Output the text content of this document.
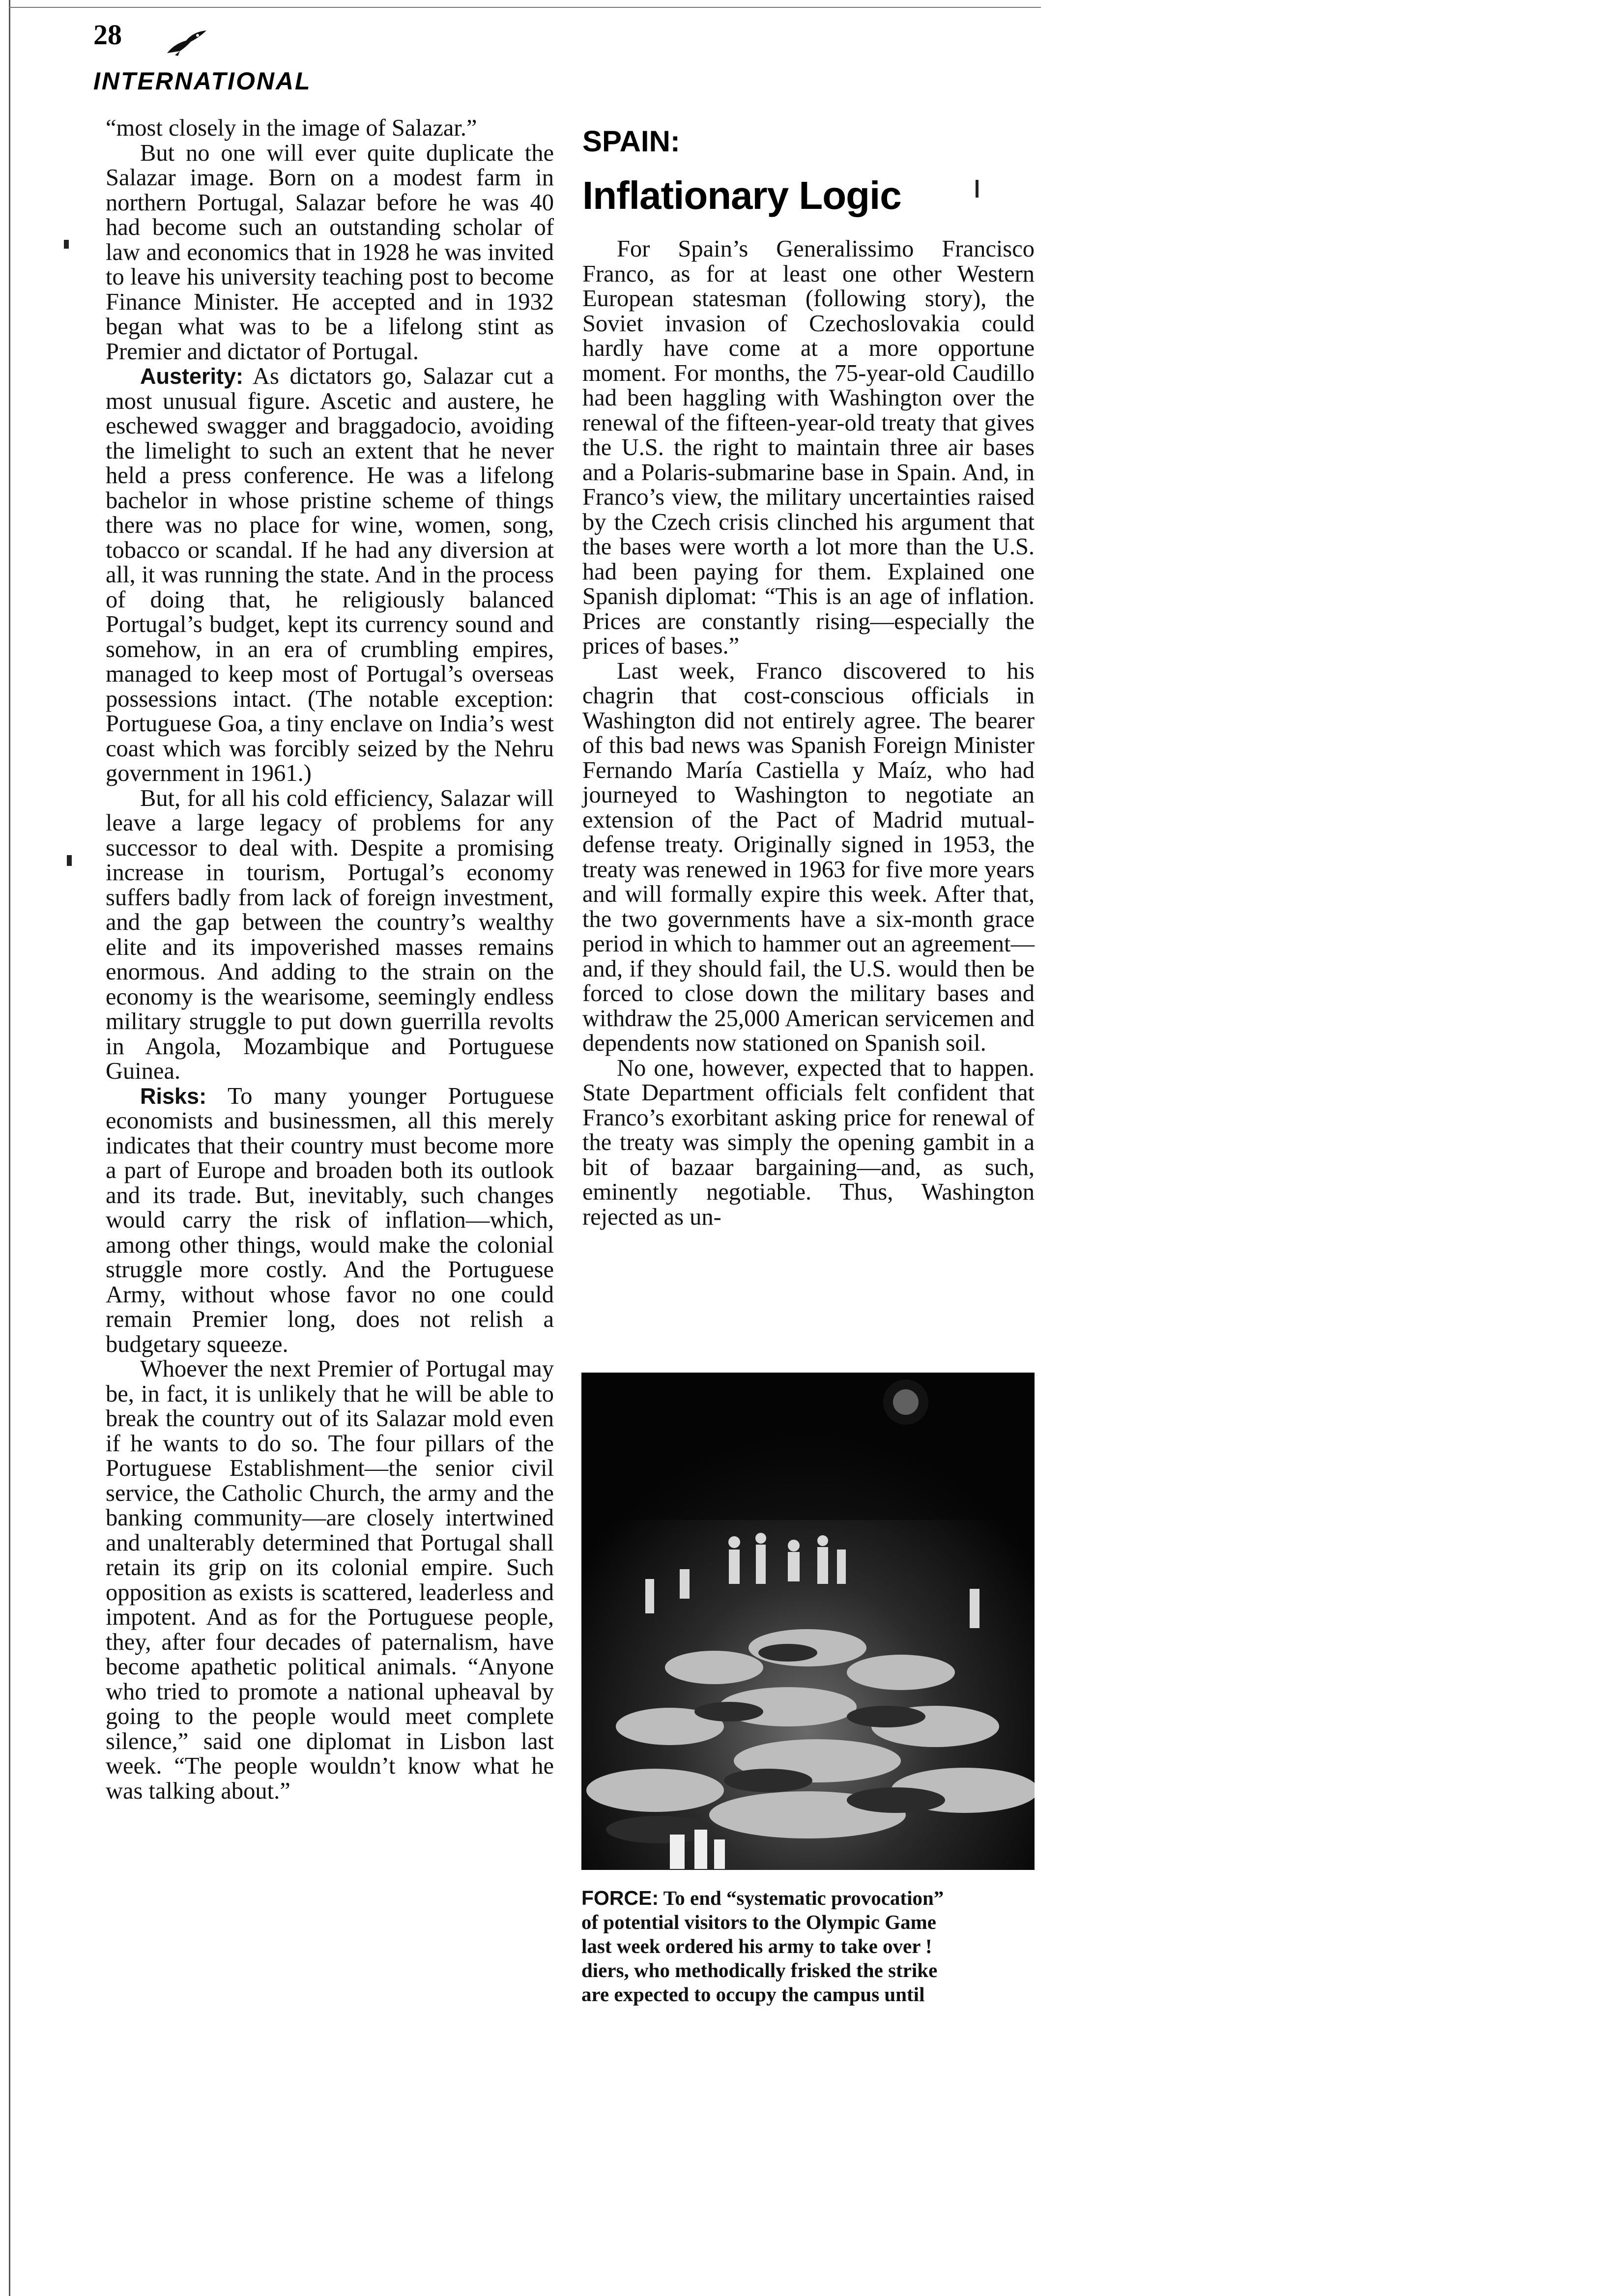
28
INTERNATIONAL

“most closely in the image of Salazar.”

But no one will ever quite duplicate the Salazar image. Born on a modest farm in northern Portugal, Salazar before he was 40 had become such an outstanding scholar of law and economics that in 1928 he was invited to leave his university teaching post to become Finance Minister. He accepted and in 1932 began what was to be a lifelong stint as Premier and dictator of Portugal.

Austerity: As dictators go, Salazar cut a most unusual figure. Ascetic and austere, he eschewed swagger and braggadocio, avoiding the limelight to such an extent that he never held a press conference. He was a lifelong bachelor in whose pristine scheme of things there was no place for wine, women, song, tobacco or scandal. If he had any diversion at all, it was running the state. And in the process of doing that, he religiously balanced Portugal’s budget, kept its currency sound and somehow, in an era of crumbling empires, managed to keep most of Portugal’s overseas possessions intact. (The notable exception: Portuguese Goa, a tiny enclave on India’s west coast which was forcibly seized by the Nehru government in 1961.)

But, for all his cold efficiency, Salazar will leave a large legacy of problems for any successor to deal with. Despite a promising increase in tourism, Portugal’s economy suffers badly from lack of foreign investment, and the gap between the country’s wealthy elite and its impoverished masses remains enormous. And adding to the strain on the economy is the wearisome, seemingly endless military struggle to put down guerrilla revolts in Angola, Mozambique and Portuguese Guinea.

Risks: To many younger Portuguese economists and businessmen, all this merely indicates that their country must become more a part of Europe and broaden both its outlook and its trade. But, inevitably, such changes would carry the risk of inflation—which, among other things, would make the colonial struggle more costly. And the Portuguese Army, without whose favor no one could remain Premier long, does not relish a budgetary squeeze.

Whoever the next Premier of Portugal may be, in fact, it is unlikely that he will be able to break the country out of its Salazar mold even if he wants to do so. The four pillars of the Portuguese Establishment—the senior civil service, the Catholic Church, the army and the banking community—are closely intertwined and unalterably determined that Portugal shall retain its grip on its colonial empire. Such opposition as exists is scattered, leaderless and impotent. And as for the Portuguese people, they, after four decades of paternalism, have become apathetic political animals. “Anyone who tried to promote a national upheaval by going to the people would meet complete silence,” said one diplomat in Lisbon last week. “The people wouldn’t know what he was talking about.”

SPAIN:
Inflationary Logic

For Spain’s Generalissimo Francisco Franco, as for at least one other Western European statesman (following story), the Soviet invasion of Czechoslovakia could hardly have come at a more opportune moment. For months, the 75-year-old Caudillo had been haggling with Washington over the renewal of the fifteen-year-old treaty that gives the U.S. the right to maintain three air bases and a Polaris-submarine base in Spain. And, in Franco’s view, the military uncertainties raised by the Czech crisis clinched his argument that the bases were worth a lot more than the U.S. had been paying for them. Explained one Spanish diplomat: “This is an age of inflation. Prices are constantly rising—especially the prices of bases.”

Last week, Franco discovered to his chagrin that cost-conscious officials in Washington did not entirely agree. The bearer of this bad news was Spanish Foreign Minister Fernando María Castiella y Maíz, who had journeyed to Washington to negotiate an extension of the Pact of Madrid mutual-defense treaty. Originally signed in 1953, the treaty was renewed in 1963 for five more years and will formally expire this week. After that, the two governments have a six-month grace period in which to hammer out an agreement—and, if they should fail, the U.S. would then be forced to close down the military bases and withdraw the 25,000 American servicemen and dependents now stationed on Spanish soil.

No one, however, expected that to happen. State Department officials felt confident that Franco’s exorbitant asking price for renewal of the treaty was simply the opening gambit in a bit of bazaar bargaining—and, as such, eminently negotiable. Thus, Washington rejected as un-

FORCE: To end “systematic provocation”
of potential visitors to the Olympic Game
last week ordered his army to take over !
diers, who methodically frisked the strike
are expected to occupy the campus until
